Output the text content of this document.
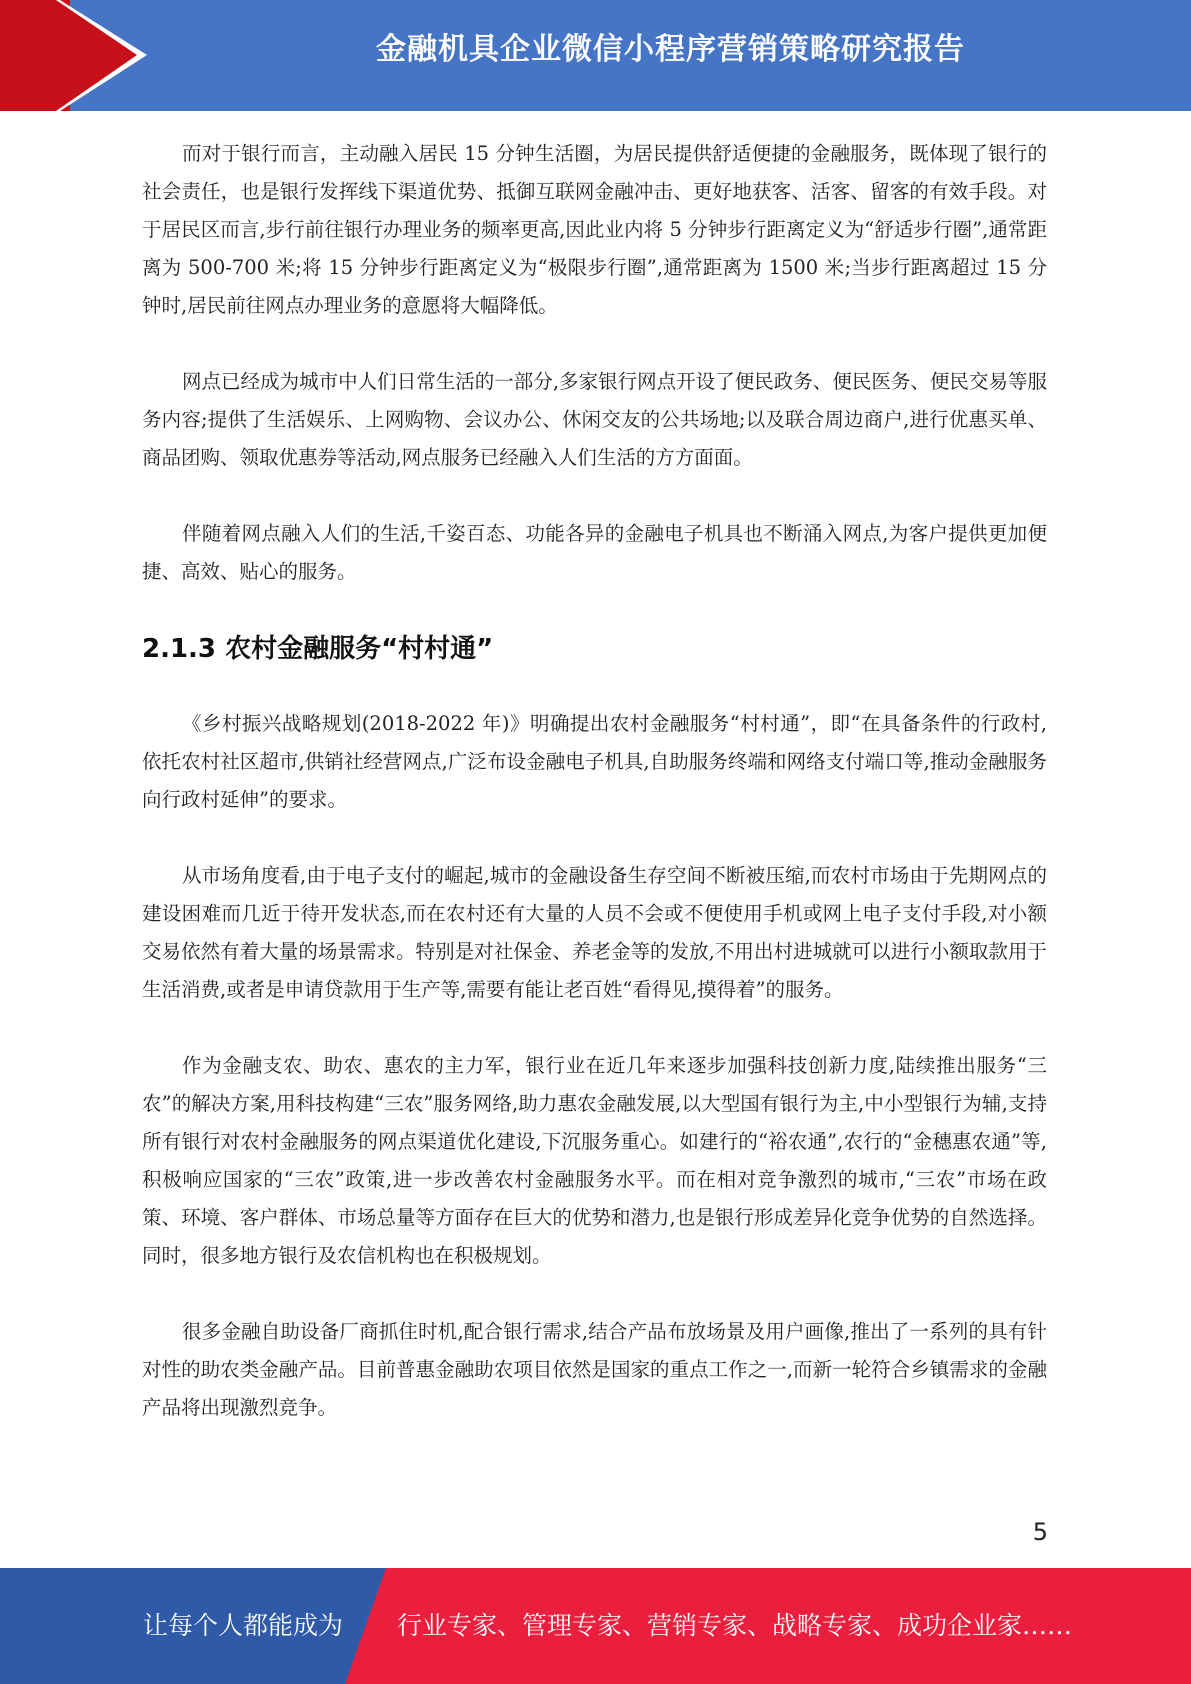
金融机具企业微信小程序营销策略研究报告

而对于银行而言，主动融入居民 15 分钟生活圈，为居民提供舒适便捷的金融服务，既体现了银行的社会责任，也是银行发挥线下渠道优势、抵御互联网金融冲击、更好地获客、活客、留客的有效手段。对于居民区而言,步行前往银行办理业务的频率更高,因此业内将 5 分钟步行距离定义为“舒适步行圈”,通常距离为 500-700 米;将 15 分钟步行距离定义为“极限步行圈”,通常距离为 1500 米;当步行距离超过 15 分钟时,居民前往网点办理业务的意愿将大幅降低。

网点已经成为城市中人们日常生活的一部分,多家银行网点开设了便民政务、便民医务、便民交易等服务内容;提供了生活娱乐、上网购物、会议办公、休闲交友的公共场地;以及联合周边商户,进行优惠买单、商品团购、领取优惠券等活动,网点服务已经融入人们生活的方方面面。

伴随着网点融入人们的生活,千姿百态、功能各异的金融电子机具也不断涌入网点,为客户提供更加便捷、高效、贴心的服务。

2.1.3 农村金融服务“村村通”

《乡村振兴战略规划(2018-2022 年)》明确提出农村金融服务“村村通”，即“在具备条件的行政村,依托农村社区超市,供销社经营网点,广泛布设金融电子机具,自助服务终端和网络支付端口等,推动金融服务向行政村延伸”的要求。

从市场角度看,由于电子支付的崛起,城市的金融设备生存空间不断被压缩,而农村市场由于先期网点的建设困难而几近于待开发状态,而在农村还有大量的人员不会或不便使用手机或网上电子支付手段,对小额交易依然有着大量的场景需求。特别是对社保金、养老金等的发放,不用出村进城就可以进行小额取款用于生活消费,或者是申请贷款用于生产等,需要有能让老百姓“看得见,摸得着”的服务。

作为金融支农、助农、惠农的主力军，银行业在近几年来逐步加强科技创新力度,陆续推出服务“三农”的解决方案,用科技构建“三农”服务网络,助力惠农金融发展,以大型国有银行为主,中小型银行为辅,支持所有银行对农村金融服务的网点渠道优化建设,下沉服务重心。如建行的“裕农通”,农行的“金穗惠农通”等,积极响应国家的“三农”政策,进一步改善农村金融服务水平。而在相对竞争激烈的城市,“三农”市场在政策、环境、客户群体、市场总量等方面存在巨大的优势和潜力,也是银行形成差异化竞争优势的自然选择。同时，很多地方银行及农信机构也在积极规划。

很多金融自助设备厂商抓住时机,配合银行需求,结合产品布放场景及用户画像,推出了一系列的具有针对性的助农类金融产品。目前普惠金融助农项目依然是国家的重点工作之一,而新一轮符合乡镇需求的金融产品将出现激烈竞争。

5
让每个人都能成为 行业专家、管理专家、营销专家、战略专家、成功企业家……
